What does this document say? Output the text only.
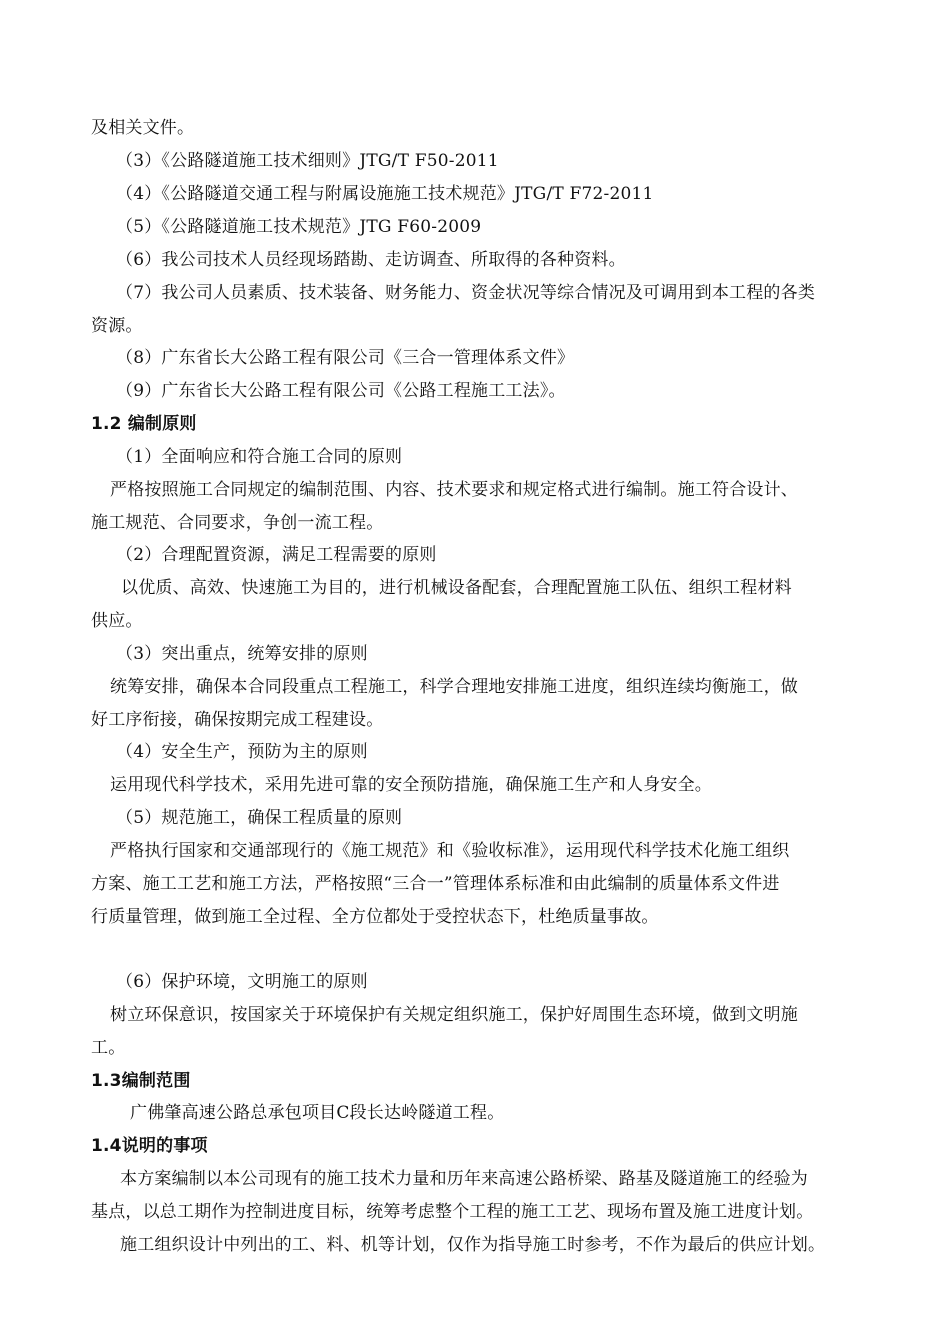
及相关文件。
（3）《公路隧道施工技术细则》JTG/T F50-2011
（4）《公路隧道交通工程与附属设施施工技术规范》JTG/T F72-2011
（5）《公路隧道施工技术规范》JTG F60-2009
（6）我公司技术人员经现场踏勘、走访调查、所取得的各种资料。
（7）我公司人员素质、技术装备、财务能力、资金状况等综合情况及可调用到本工程的各类
资源。
（8）广东省长大公路工程有限公司《三合一管理体系文件》
（9）广东省长大公路工程有限公司《公路工程施工工法》。
1.2 编制原则
（1）全面响应和符合施工合同的原则
严格按照施工合同规定的编制范围、内容、技术要求和规定格式进行编制。施工符合设计、
施工规范、合同要求，争创一流工程。
（2）合理配置资源，满足工程需要的原则
以优质、高效、快速施工为目的，进行机械设备配套，合理配置施工队伍、组织工程材料
供应。
（3）突出重点，统筹安排的原则
统筹安排，确保本合同段重点工程施工，科学合理地安排施工进度，组织连续均衡施工，做
好工序衔接，确保按期完成工程建设。
（4）安全生产，预防为主的原则
运用现代科学技术，采用先进可靠的安全预防措施，确保施工生产和人身安全。
（5）规范施工，确保工程质量的原则
严格执行国家和交通部现行的《施工规范》和《验收标准》，运用现代科学技术化施工组织
方案、施工工艺和施工方法，严格按照“三合一”管理体系标准和由此编制的质量体系文件进
行质量管理，做到施工全过程、全方位都处于受控状态下，杜绝质量事故。
（6）保护环境，文明施工的原则
树立环保意识，按国家关于环境保护有关规定组织施工，保护好周围生态环境，做到文明施
工。
1.3编制范围
广佛肇高速公路总承包项目C段长达岭隧道工程。
1.4说明的事项
本方案编制以本公司现有的施工技术力量和历年来高速公路桥梁、路基及隧道施工的经验为
基点，以总工期作为控制进度目标，统筹考虑整个工程的施工工艺、现场布置及施工进度计划。
施工组织设计中列出的工、料、机等计划，仅作为指导施工时参考，不作为最后的供应计划。
